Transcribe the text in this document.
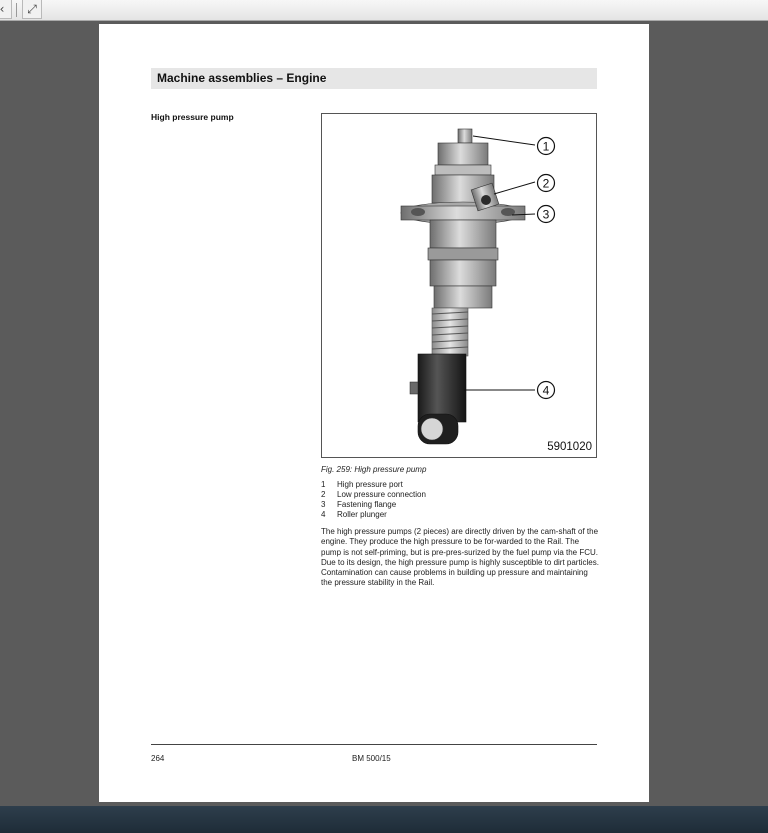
‹	⤢
Machine assemblies – Engine
High pressure pump
1
2
3
4
5901020
Fig. 259: High pressure pump
1	High pressure port
2	Low pressure connection
3	Fastening flange
4	Roller plunger

The high pressure pumps (2 pieces) are directly driven by the cam-shaft of the engine. They produce the high pressure to be for-warded to the Rail. The pump is not self-priming, but is pre-pres-surized by the fuel pump via the FCU. Due to its design, the high pressure pump is highly susceptible to dirt particles. Contamination can cause problems in building up pressure and maintaining the pressure stability in the Rail.

264	BM 500/15
